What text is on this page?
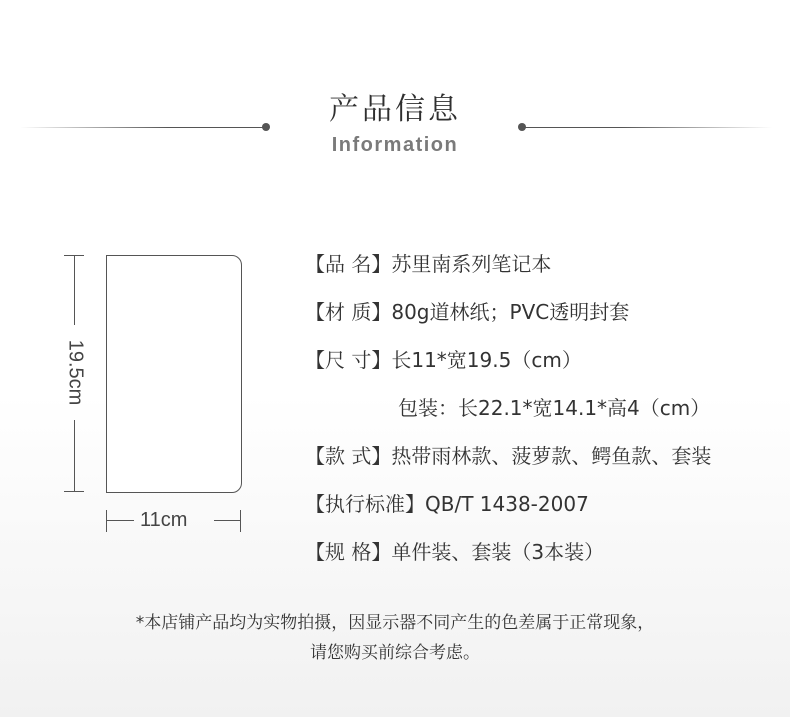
产品信息
Information
19.5cm
11cm
【品 名】苏里南系列笔记本
【材 质】80g道林纸；PVC透明封套
【尺 寸】长11*宽19.5（cm）
包装：长22.1*宽14.1*高4（cm）
【款 式】热带雨林款、菠萝款、鳄鱼款、套装
【执行标准】QB/T 1438-2007
【规 格】单件装、套装（3本装）
*本店铺产品均为实物拍摄，因显示器不同产生的色差属于正常现象，
请您购买前综合考虑。
